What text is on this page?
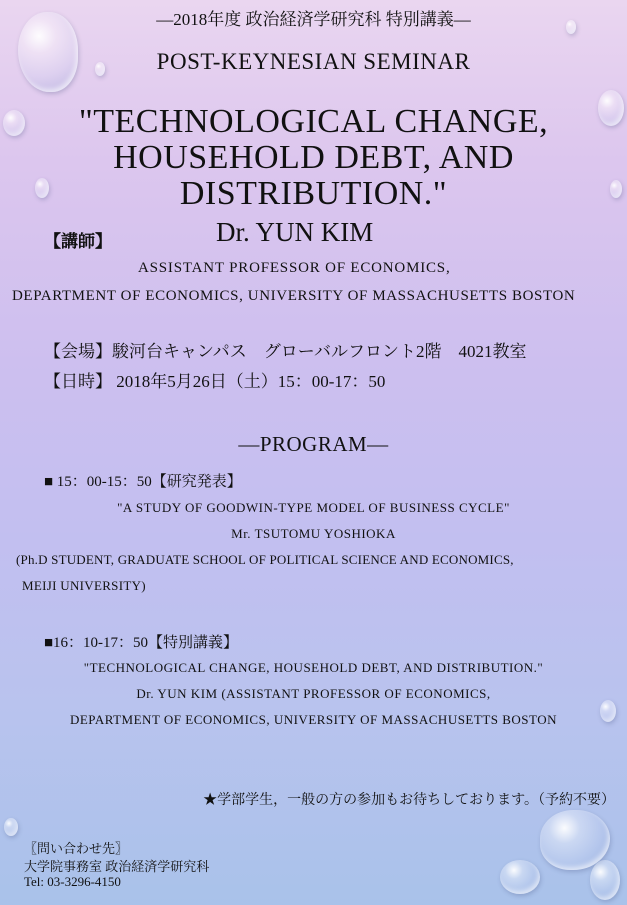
―2018年度 政治経済学研究科 特別講義―
POST-KEYNESIAN SEMINAR
"TECHNOLOGICAL CHANGE,
HOUSEHOLD DEBT, AND
DISTRIBUTION."
【講師】	Dr. YUN KIM
ASSISTANT PROFESSOR OF ECONOMICS,
DEPARTMENT OF ECONOMICS, UNIVERSITY OF MASSACHUSETTS BOSTON
【会場】駿河台キャンパス　グローバルフロント2階　4021教室
【日時】 2018年5月26日（土）15：00-17：50
―PROGRAM―
■ 15：00-15：50【研究発表】
"A STUDY OF GOODWIN-TYPE MODEL OF BUSINESS CYCLE"
Mr. TSUTOMU YOSHIOKA
(Ph.D STUDENT, GRADUATE SCHOOL OF POLITICAL SCIENCE AND ECONOMICS,
MEIJI UNIVERSITY)
■16：10-17：50【特別講義】
"TECHNOLOGICAL CHANGE, HOUSEHOLD DEBT, AND DISTRIBUTION."
Dr. YUN KIM (ASSISTANT PROFESSOR OF ECONOMICS,
DEPARTMENT OF ECONOMICS, UNIVERSITY OF MASSACHUSETTS BOSTON
★学部学生，一般の方の参加もお待ちしております。（予約不要）
〖問い合わせ先〗
大学院事務室 政治経済学研究科
Tel: 03-3296-4150
